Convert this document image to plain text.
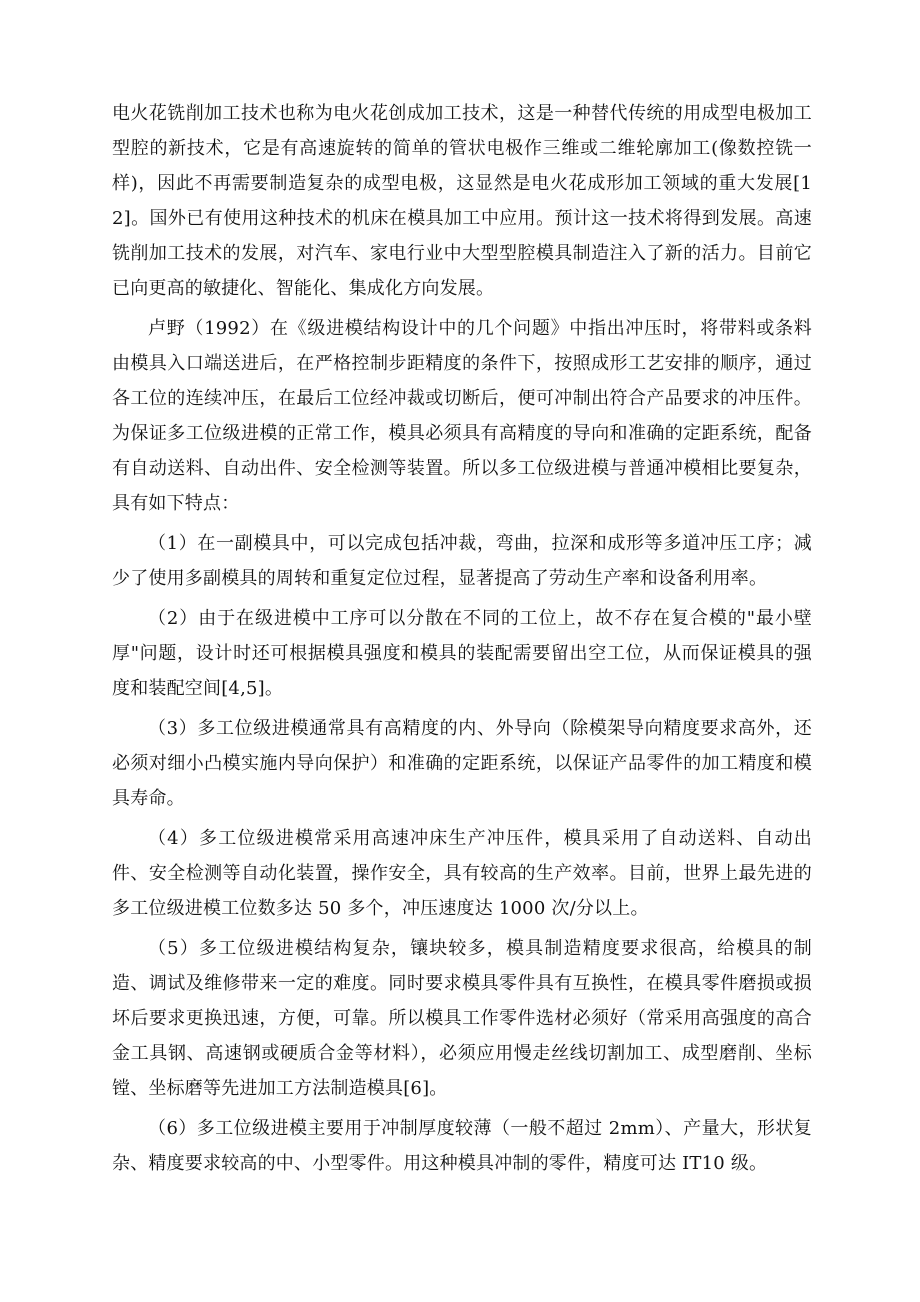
电火花铣削加工技术也称为电火花创成加工技术，这是一种替代传统的用成型电极加工型腔的新技术，它是有高速旋转的简单的管状电极作三维或二维轮廓加工(像数控铣一样)，因此不再需要制造复杂的成型电极，这显然是电火花成形加工领域的重大发展[12]。国外已有使用这种技术的机床在模具加工中应用。预计这一技术将得到发展。高速铣削加工技术的发展，对汽车、家电行业中大型型腔模具制造注入了新的活力。目前它已向更高的敏捷化、智能化、集成化方向发展。

卢野（1992）在《级进模结构设计中的几个问题》中指出冲压时，将带料或条料由模具入口端送进后，在严格控制步距精度的条件下，按照成形工艺安排的顺序，通过各工位的连续冲压，在最后工位经冲裁或切断后，便可冲制出符合产品要求的冲压件。为保证多工位级进模的正常工作，模具必须具有高精度的导向和准确的定距系统，配备有自动送料、自动出件、安全检测等装置。所以多工位级进模与普通冲模相比要复杂，具有如下特点：

（1）在一副模具中，可以完成包括冲裁，弯曲，拉深和成形等多道冲压工序；减少了使用多副模具的周转和重复定位过程，显著提高了劳动生产率和设备利用率。

（2）由于在级进模中工序可以分散在不同的工位上，故不存在复合模的"最小壁厚"问题，设计时还可根据模具强度和模具的装配需要留出空工位，从而保证模具的强度和装配空间[4,5]。

（3）多工位级进模通常具有高精度的内、外导向（除模架导向精度要求高外，还必须对细小凸模实施内导向保护）和准确的定距系统，以保证产品零件的加工精度和模具寿命。

（4）多工位级进模常采用高速冲床生产冲压件，模具采用了自动送料、自动出件、安全检测等自动化装置，操作安全，具有较高的生产效率。目前，世界上最先进的多工位级进模工位数多达 50 多个，冲压速度达 1000 次/分以上。

（5）多工位级进模结构复杂，镶块较多，模具制造精度要求很高，给模具的制造、调试及维修带来一定的难度。同时要求模具零件具有互换性，在模具零件磨损或损坏后要求更换迅速，方便，可靠。所以模具工作零件选材必须好（常采用高强度的高合金工具钢、高速钢或硬质合金等材料），必须应用慢走丝线切割加工、成型磨削、坐标镗、坐标磨等先进加工方法制造模具[6]。

（6）多工位级进模主要用于冲制厚度较薄（一般不超过 2mm）、产量大，形状复杂、精度要求较高的中、小型零件。用这种模具冲制的零件，精度可达 IT10 级。
